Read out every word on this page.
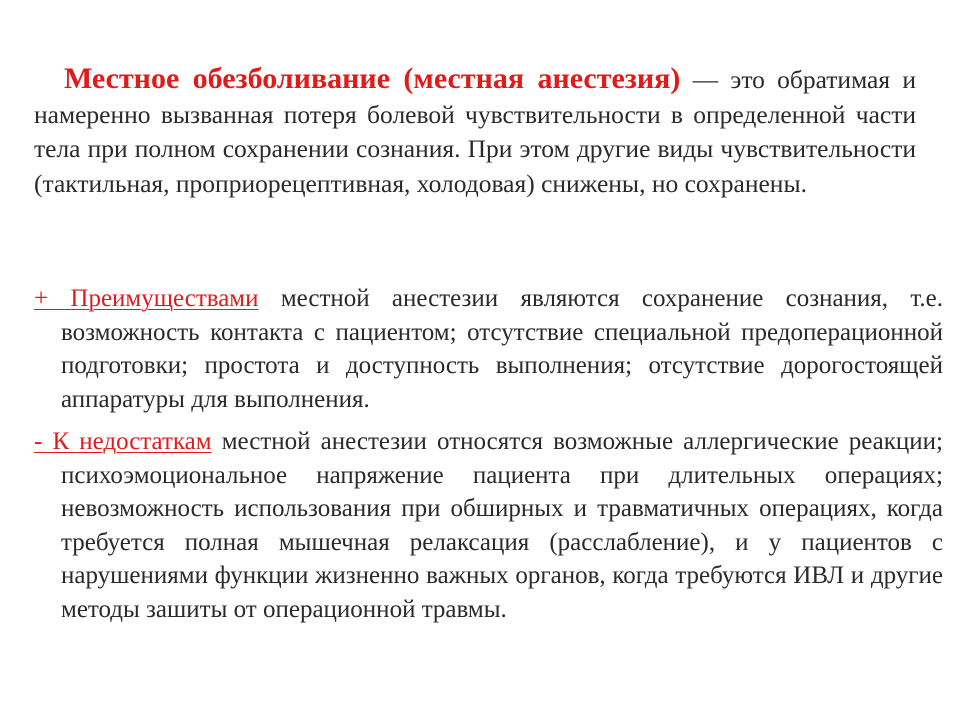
Местное обезболивание (местная анестезия) — это обратимая и намеренно вызванная потеря болевой чувствительности в определенной части тела при полном сохранении сознания. При этом другие виды чувствительности (тактильная, проприорецептивная, холодовая) снижены, но сохранены.

+ Преимуществами местной анестезии являются сохранение сознания, т.е. возможность контакта с пациентом; отсутствие специальной предоперационной подготовки; простота и доступность выполнения; отсутствие дорогостоящей аппаратуры для выполнения.

- К недостаткам местной анестезии относятся возможные аллергические реакции; психоэмоциональное напряжение пациента при длительных операциях; невозможность использования при обширных и травматичных операциях, когда требуется полная мышечная релаксация (расслабление), и у пациентов с нарушениями функции жизненно важных органов, когда требуются ИВЛ и другие методы зашиты от операционной травмы.
